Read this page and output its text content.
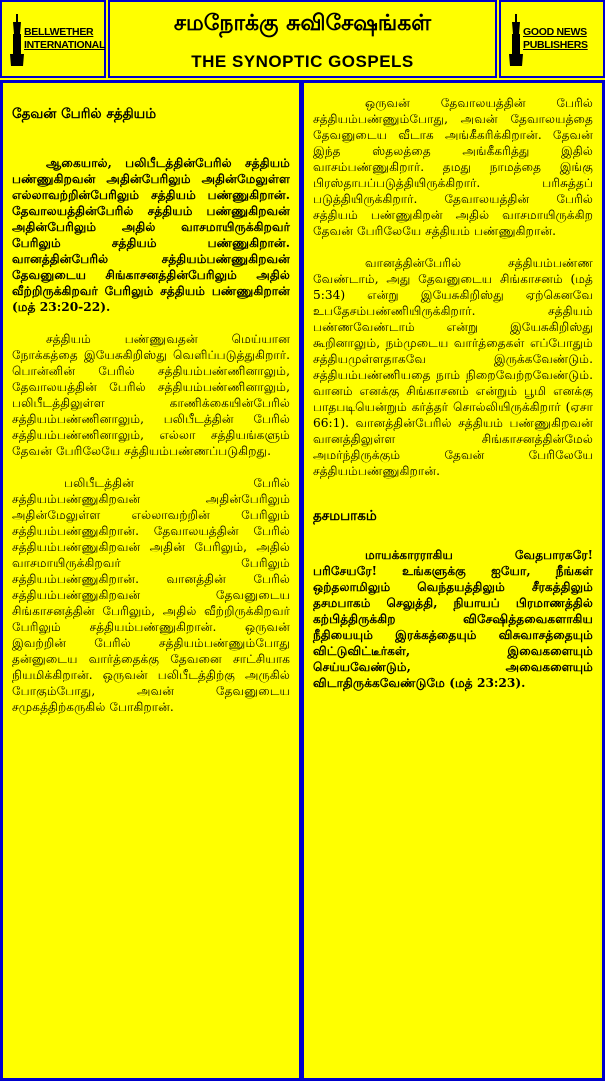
BELLWETHER
INTERNATIONAL
சமநோக்கு சுவிசேஷங்கள்
THE SYNOPTIC GOSPELS
GOOD NEWS
PUBLISHERS
தேவன் பேரில் சத்தியம்

ஆகையால், பலிபீடத்தின்பேரில் சத்தியம் பண்ணுகிறவன் அதின்பேரிலும் அதின்மேலுள்ள எல்லாவற்றின்பேரிலும் சத்தியம் பண்ணுகிறான். தேவாலயத்தின்பேரில் சத்தியம் பண்ணுகிறவன் அதின்பேரிலும் அதில் வாசமாயிருக்கிறவர் பேரிலும் சத்தியம் பண்ணுகிறான். வானத்தின்பேரில் சத்தியம்பண்ணுகிறவன் தேவனுடைய சிங்காசனத்தின்பேரிலும் அதில் வீற்றிருக்கிறவர் பேரிலும் சத்தியம் பண்ணுகிறான் (மத் 23:20-22).

சத்தியம் பண்ணுவதன் மெய்யான நோக்கத்தை இயேசுகிறிஸ்து வெளிப்படுத்துகிறார். பொன்னின் பேரில் சத்தியம்பண்ணினாலும், தேவாலயத்தின் பேரில் சத்தியம்பண்ணினாலும், பலிபீடத்திலுள்ள காணிக்கையின்பேரில் சத்தியம்பண்ணினாலும், பலிபீடத்தின் பேரில் சத்தியம்பண்ணினாலும், எல்லா சத்தியங்களும் தேவன் பேரிலேயே சத்தியம்பண்ணப்படுகிறது.

பலிபீடத்தின் பேரில் சத்தியம்பண்ணுகிறவன் அதின்பேரிலும் அதின்மேலுள்ள எல்லாவற்றின் பேரிலும் சத்தியம்பண்ணுகிறான். தேவாலயத்தின் பேரில் சத்தியம்பண்ணுகிறவன் அதின் பேரிலும், அதில் வாசமாயிருக்கிறவர் பேரிலும் சத்தியம்பண்ணுகிறான். வானத்தின் பேரில் சத்தியம்பண்ணுகிறவன் தேவனுடைய சிங்காசனத்தின் பேரிலும், அதில் வீற்றிருக்கிறவர் பேரிலும் சத்தியம்பண்ணுகிறான். ஒருவன் இவற்றின் பேரில் சத்தியம்பண்ணும்போது தன்னுடைய வார்த்தைக்கு தேவனை சாட்சியாக நியமிக்கிறான். ஒருவன் பலிபீடத்திற்கு அருகில் போகும்போது, அவன் தேவனுடைய சமுகத்திற்கருகில் போகிறான்.

ஒருவன் தேவாலயத்தின் பேரில் சத்தியம்பண்ணும்போது, அவன் தேவாலயத்தை தேவனுடைய வீடாக அங்கீகரிக்கிறான். தேவன் இந்த ஸ்தலத்தை அங்கீகரித்து இதில் வாசம்பண்ணுகிறார். தமது நாமத்தை இங்கு பிரஸ்தாபப்படுத்தியிருக்கிறார். பரிசுத்தப் படுத்தியிருக்கிறார். தேவாலயத்தின் பேரில் சத்தியம் பண்ணுகிறன் அதில் வாசமாயிருக்கிற தேவன் பேரிலேயே சத்தியம் பண்ணுகிறான்.

வானத்தின்பேரில் சத்தியம்பண்ண வேண்டாம், அது தேவனுடைய சிங்காசனம் (மத் 5:34) என்று இயேசுகிறிஸ்து ஏற்கெனவே உபதேசம்பண்ணியிருக்கிறார். சத்தியம் பண்ணவேண்டாம் என்று இயேசுகிறிஸ்து கூறினாலும், நம்முடைய வார்த்தைகள் எப்போதும் சத்தியமுள்ளதாகவே இருக்கவேண்டும். சத்தியம்பண்ணியதை நாம் நிறைவேற்றவேண்டும். வானம் எனக்கு சிங்காசனம் என்றும் பூமி எனக்கு பாதபடியென்றும் கர்த்தர் சொல்லியிருக்கிறார் (ஏசா 66:1). வானத்தின்பேரில் சத்தியம் பண்ணுகிறவன் வானத்திலுள்ள சிங்காசனத்தின்மேல் அமர்ந்திருக்கும் தேவன் பேரிலேயே சத்தியம்பண்ணுகிறான்.

தசமபாகம்

மாயக்காரராகிய வேதபாரகரே! பரிசேயரே! உங்களுக்கு ஐயோ, நீங்கள் ஒற்தலாமிலும் வெந்தயத்திலும் சீரகத்திலும் தசமபாகம் செலுத்தி, நியாயப் பிரமாணத்தில் கற்பித்திருக்கிற விசேஷித்தவைகளாகிய நீதியையும் இரக்கத்தையும் விசுவாசத்தையும் விட்டுவிட்டீர்கள், இவைகளையும் செய்யவேண்டும், அவைகளையும் விடாதிருக்கவேண்டுமே (மத் 23:23).
